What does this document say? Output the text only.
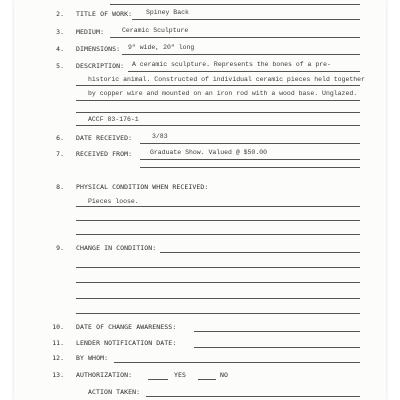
2. TITLE OF WORK: Spiney Back
3. MEDIUM:	Ceramic Sculpture
4. DIMENSIONS: 9" wide, 20" long
5. DESCRIPTION: A ceramic sculpture. Represents the bones of a pre-
historic animal. Constructed of individual ceramic pieces held together
by copper wire and mounted on an iron rod with a wood base. Unglazed.
ACCF 83-176-1
6. DATE RECEIVED:	3/83
7. RECEIVED FROM:	Graduate Show. Valued @ $50.00
8. PHYSICAL CONDITION WHEN RECEIVED:
Pieces loose.
9. CHANGE IN CONDITION:
10. DATE OF CHANGE AWARENESS:
11. LENDER NOTIFICATION DATE:
12. BY WHOM:
13. AUTHORIZATION:	YES	NO
ACTION TAKEN:
